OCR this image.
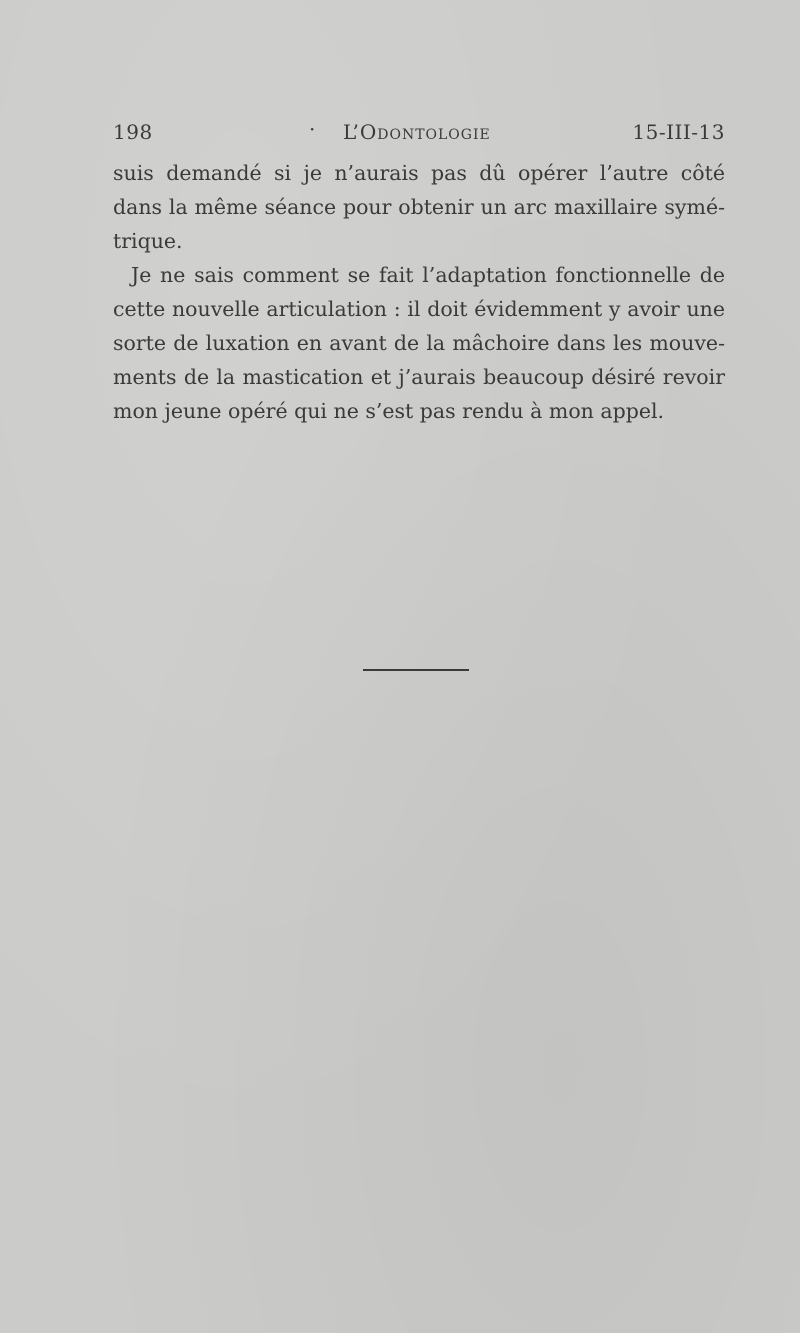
198	· L’Odontologie	15-III-13

suis demandé si je n’aurais pas dû opérer l’autre côté
dans la même séance pour obtenir un arc maxillaire symé-
trique.

Je ne sais comment se fait l’adaptation fonctionnelle de
cette nouvelle articulation : il doit évidemment y avoir une
sorte de luxation en avant de la mâchoire dans les mouve-
ments de la mastication et j’aurais beaucoup désiré revoir
mon jeune opéré qui ne s’est pas rendu à mon appel.
